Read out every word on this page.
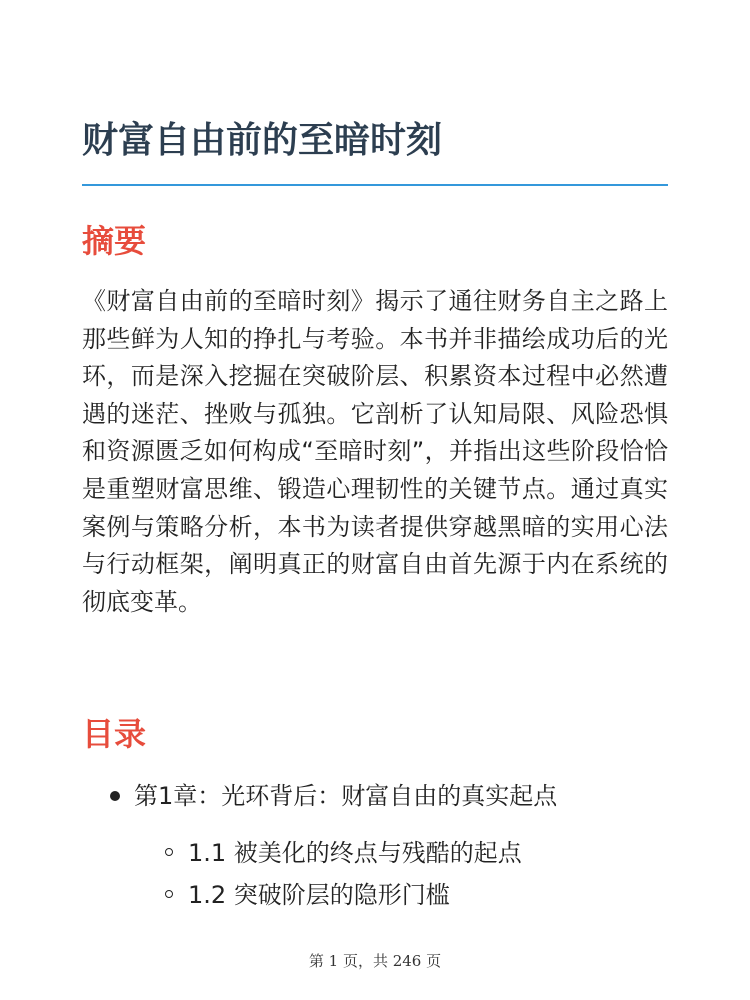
财富自由前的至暗时刻
摘要

《财富自由前的至暗时刻》揭示了通往财务自主之路上那些鲜为人知的挣扎与考验。本书并非描绘成功后的光环，而是深入挖掘在突破阶层、积累资本过程中必然遭遇的迷茫、挫败与孤独。它剖析了认知局限、风险恐惧和资源匮乏如何构成“至暗时刻”，并指出这些阶段恰恰是重塑财富思维、锻造心理韧性的关键节点。通过真实案例与策略分析，本书为读者提供穿越黑暗的实用心法与行动框架，阐明真正的财富自由首先源于内在系统的彻底变革。

目录
第1章：光环背后：财富自由的真实起点
1.1 被美化的终点与残酷的起点
1.2 突破阶层的隐形门槛
第 1 页，共 246 页
